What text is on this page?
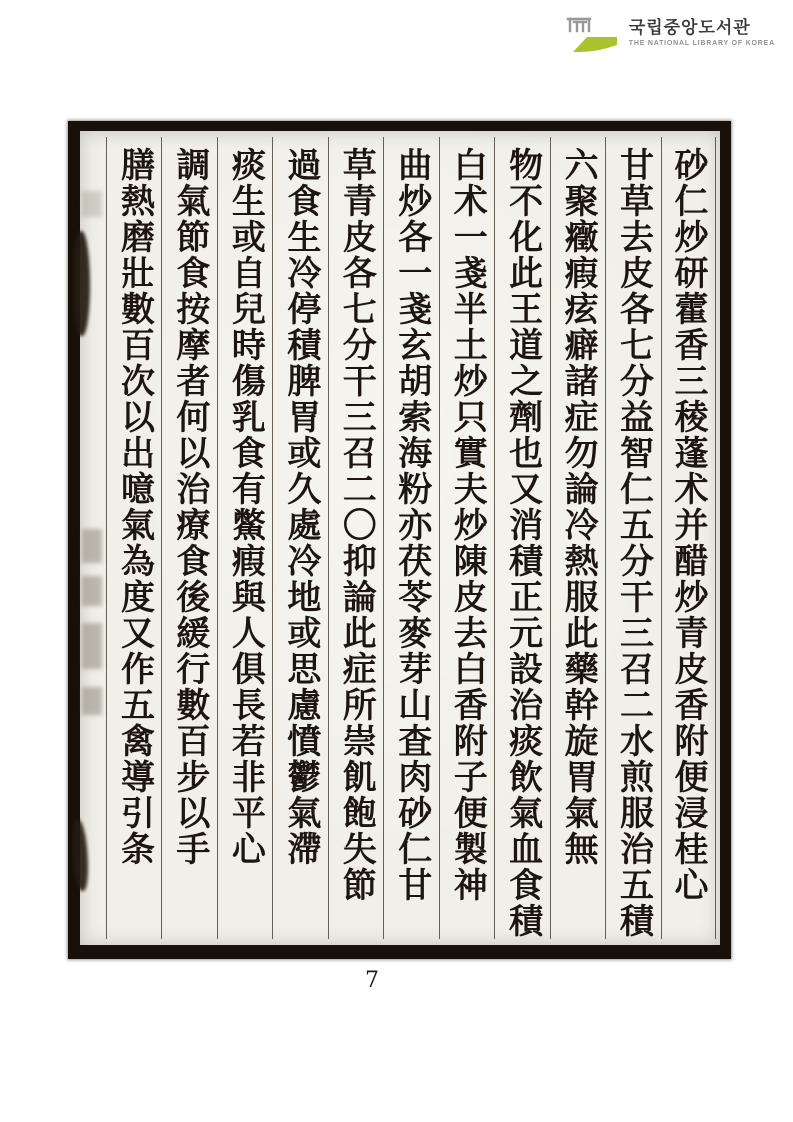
국립중앙도서관
THE NATIONAL LIBRARY OF KOREA
砂仁炒研藿香三稜蓬术并醋炒青皮香附便浸桂心
甘草去皮各七分益智仁五分干三召二水煎服治五積
六聚癥瘕痃癖諸症勿論冷熱服此藥幹旋胃氣無
物不化此王道之劑也又消積正元設治痰飲氣血食積
白术一戔半土炒只實夫炒陳皮去白香附子便製神
曲炒各一戔玄胡索海粉亦茯苓麥芽山査肉砂仁甘
草青皮各七分干三召二〇抑論此症所崇飢飽失節
過食生冷停積脾胃或久處冷地或思慮憤鬱氣滯
痰生或自兒時傷乳食有鱉瘕與人俱長若非平心
調氣節食按摩者何以治療食後緩行數百步以手
膳熱磨壯數百次以出噫氣為度又作五禽導引条
7
